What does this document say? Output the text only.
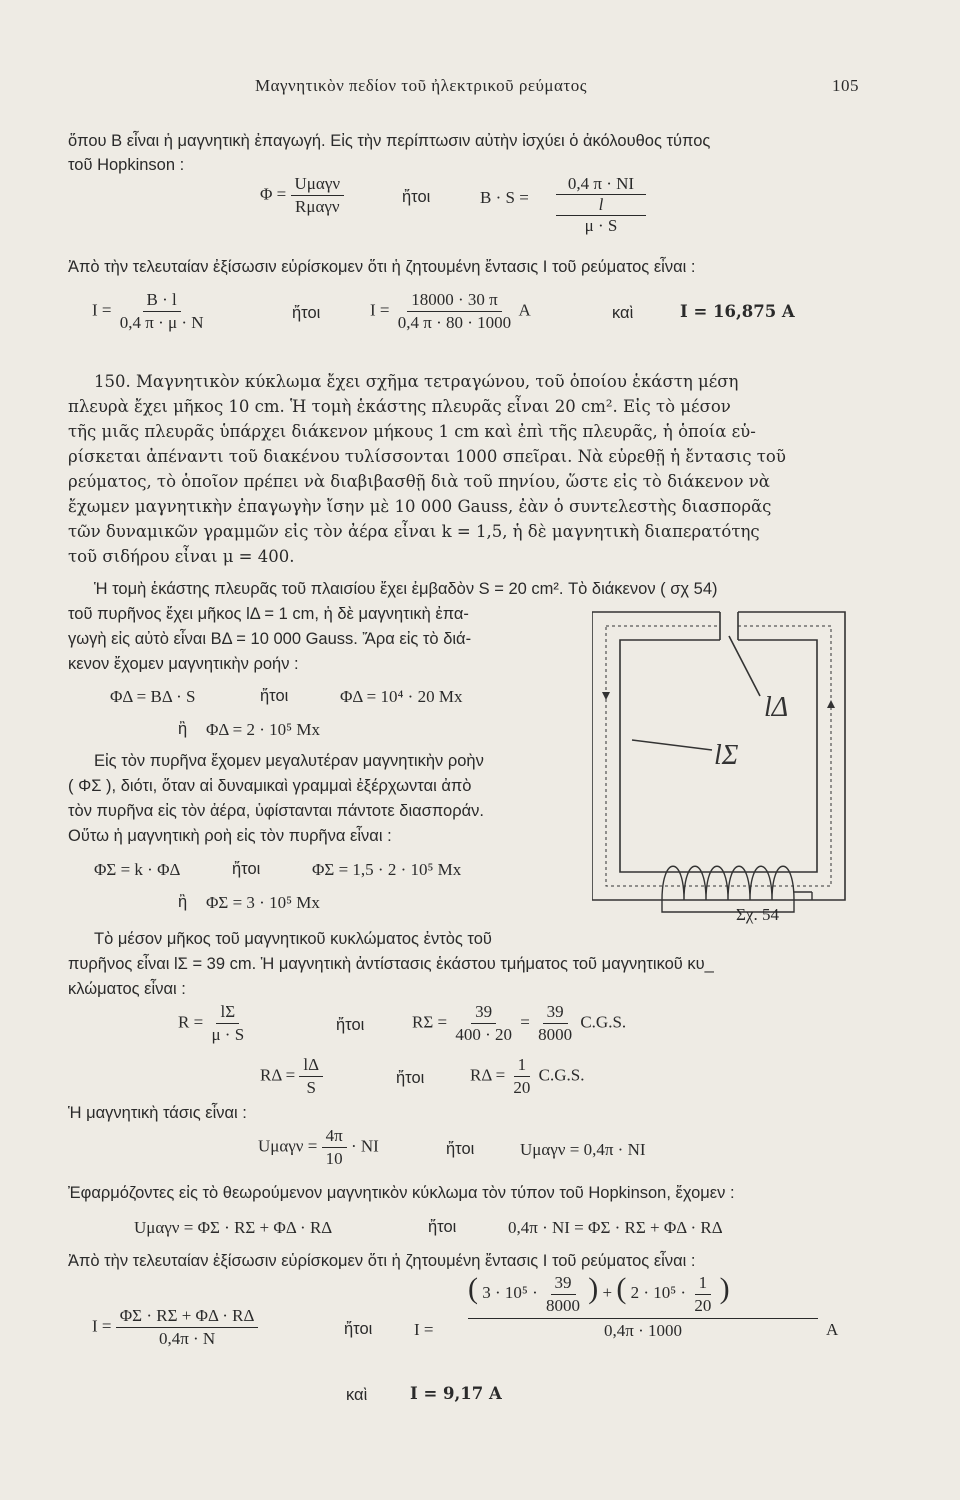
Μαγνητικὸν πεδίον τοῦ ἠλεκτρικοῦ ρεύματος	105
ὅπου B εἶναι ἡ μαγνητικὴ ἐπαγωγή. Εἰς τὴν περίπτωσιν αὐτὴν ἰσχύει ὁ ἀκόλουθος τύπος
τοῦ Hopkinson :
$\Phi = \frac{\text{Uμαγν}}{\text{Rμαγν}}$	ἤτοι	B · S =
0,4 π · NI
l
μ · S
Ἀπὸ τὴν τελευταίαν ἐξίσωσιν εὑρίσκομεν ὅτι ἡ ζητουμένη ἔντασις I τοῦ ρεύματος εἶναι :
$I = \frac{B \cdot l}{0,4 \pi \cdot \mu \cdot N}$	ἤτοι	$I = \frac{18000 \cdot 30 \pi}{0,4 \pi \cdot 80 \cdot 1000}$ A	καὶ	I = 16,875 A
150. Μαγνητικὸν κύκλωμα ἔχει σχῆμα τετραγώνου, τοῦ ὁποίου ἑκάστη μέση
πλευρὰ ἔχει μῆκος 10 cm. Ἡ τομὴ ἑκάστης πλευρᾶς εἶναι 20 cm². Εἰς τὸ μέσον
τῆς μιᾶς πλευρᾶς ὑπάρχει διάκενον μήκους 1 cm καὶ ἐπὶ τῆς πλευρᾶς, ἡ ὁποία εὑ-
ρίσκεται ἀπέναντι τοῦ διακένου τυλίσσονται 1000 σπεῖραι. Νὰ εὑρεθῇ ἡ ἔντασις τοῦ
ρεύματος, τὸ ὁποῖον πρέπει νὰ διαβιβασθῇ διὰ τοῦ πηνίου, ὥστε εἰς τὸ διάκενον νὰ
ἔχωμεν μαγνητικὴν ἐπαγωγὴν ἴσην μὲ 10 000 Gauss, ἐὰν ὁ συντελεστὴς διασπορᾶς
τῶν δυναμικῶν γραμμῶν εἰς τὸν ἀέρα εἶναι k = 1,5, ἡ δὲ μαγνητικὴ διαπερατότης
τοῦ σιδήρου εἶναι μ = 400.
Ἡ τομὴ ἑκάστης πλευρᾶς τοῦ πλαισίου ἔχει ἐμβαδὸν S = 20 cm². Τὸ διάκενον ( σχ 54)
τοῦ πυρῆνος ἔχει μῆκος lΔ = 1 cm, ἡ δὲ μαγνητικὴ ἐπα-
γωγὴ εἰς αὐτὸ εἶναι BΔ = 10 000 Gauss. Ἄρα εἰς τὸ διά-
κενον ἔχομεν μαγνητικὴν ροήν :
ΦΔ = BΔ · S	ἤτοι	ΦΔ = 10⁴ · 20 Mx
ἢ ΦΔ = 2 · 10⁵ Mx
Εἰς τὸν πυρῆνα ἔχομεν μεγαλυτέραν μαγνητικὴν ροὴν
( ΦΣ ), διότι, ὅταν αἱ δυναμικαὶ γραμμαὶ ἐξέρχωνται ἀπὸ
τὸν πυρῆνα εἰς τὸν ἀέρα, ὑφίστανται πάντοτε διασποράν.
Οὕτω ἡ μαγνητικὴ ροὴ εἰς τὸν πυρῆνα εἶναι :
ΦΣ = k · ΦΔ	ἤτοι	ΦΣ = 1,5 · 2 · 10⁵ Mx
ἢ ΦΣ = 3 · 10⁵ Mx
lΔ
lΣ
Σχ. 54
Τὸ μέσον μῆκος τοῦ μαγνητικοῦ κυκλώματος ἐντὸς τοῦ
πυρῆνος εἶναι lΣ = 39 cm. Ἡ μαγνητικὴ ἀντίστασις ἑκάστου τμήματος τοῦ μαγνητικοῦ κυ_
κλώματος εἶναι :
$R = \frac{l\Sigma}{\mu \cdot S}$	ἤτοι	$R\Sigma = \frac{39}{400 \cdot 20} = \frac{39}{8000} C.G.S$.
$R\Delta = \frac{l\Delta}{S}$	ἤτοι	$R\Delta = \frac{1}{20} C.G.S$.
Ἡ μαγνητικὴ τάσις εἶναι :
$U\mu\alpha\gamma\nu = \frac{4\pi}{10}$ · NI	ἤτοι	Uμαγν = 0,4π · NI
Ἐφαρμόζοντες εἰς τὸ θεωρούμενον μαγνητικὸν κύκλωμα τὸν τύπον τοῦ Hopkinson, ἔχομεν :
Uμαγν = ΦΣ · RΣ + ΦΔ · RΔ	ἤτοι	0,4π · NI = ΦΣ · RΣ + ΦΔ · RΔ
Ἀπὸ τὴν τελευταίαν ἐξίσωσιν εὑρίσκομεν ὅτι ἡ ζητουμένη ἔντασις I τοῦ ρεύματος εἶναι :
$I = \frac{\Phi\Sigma \cdot R\Sigma + \Phi\Delta \cdot R\Delta}{0,4\pi \cdot N}$	ἤτοι I =
( $3 \cdot 10^5 \cdot \frac{39}{8000}$ ) + ( $2 \cdot 10^5 \cdot \frac{1}{20}$ )
0,4π · 1000	A
καὶ	I = 9,17 A
